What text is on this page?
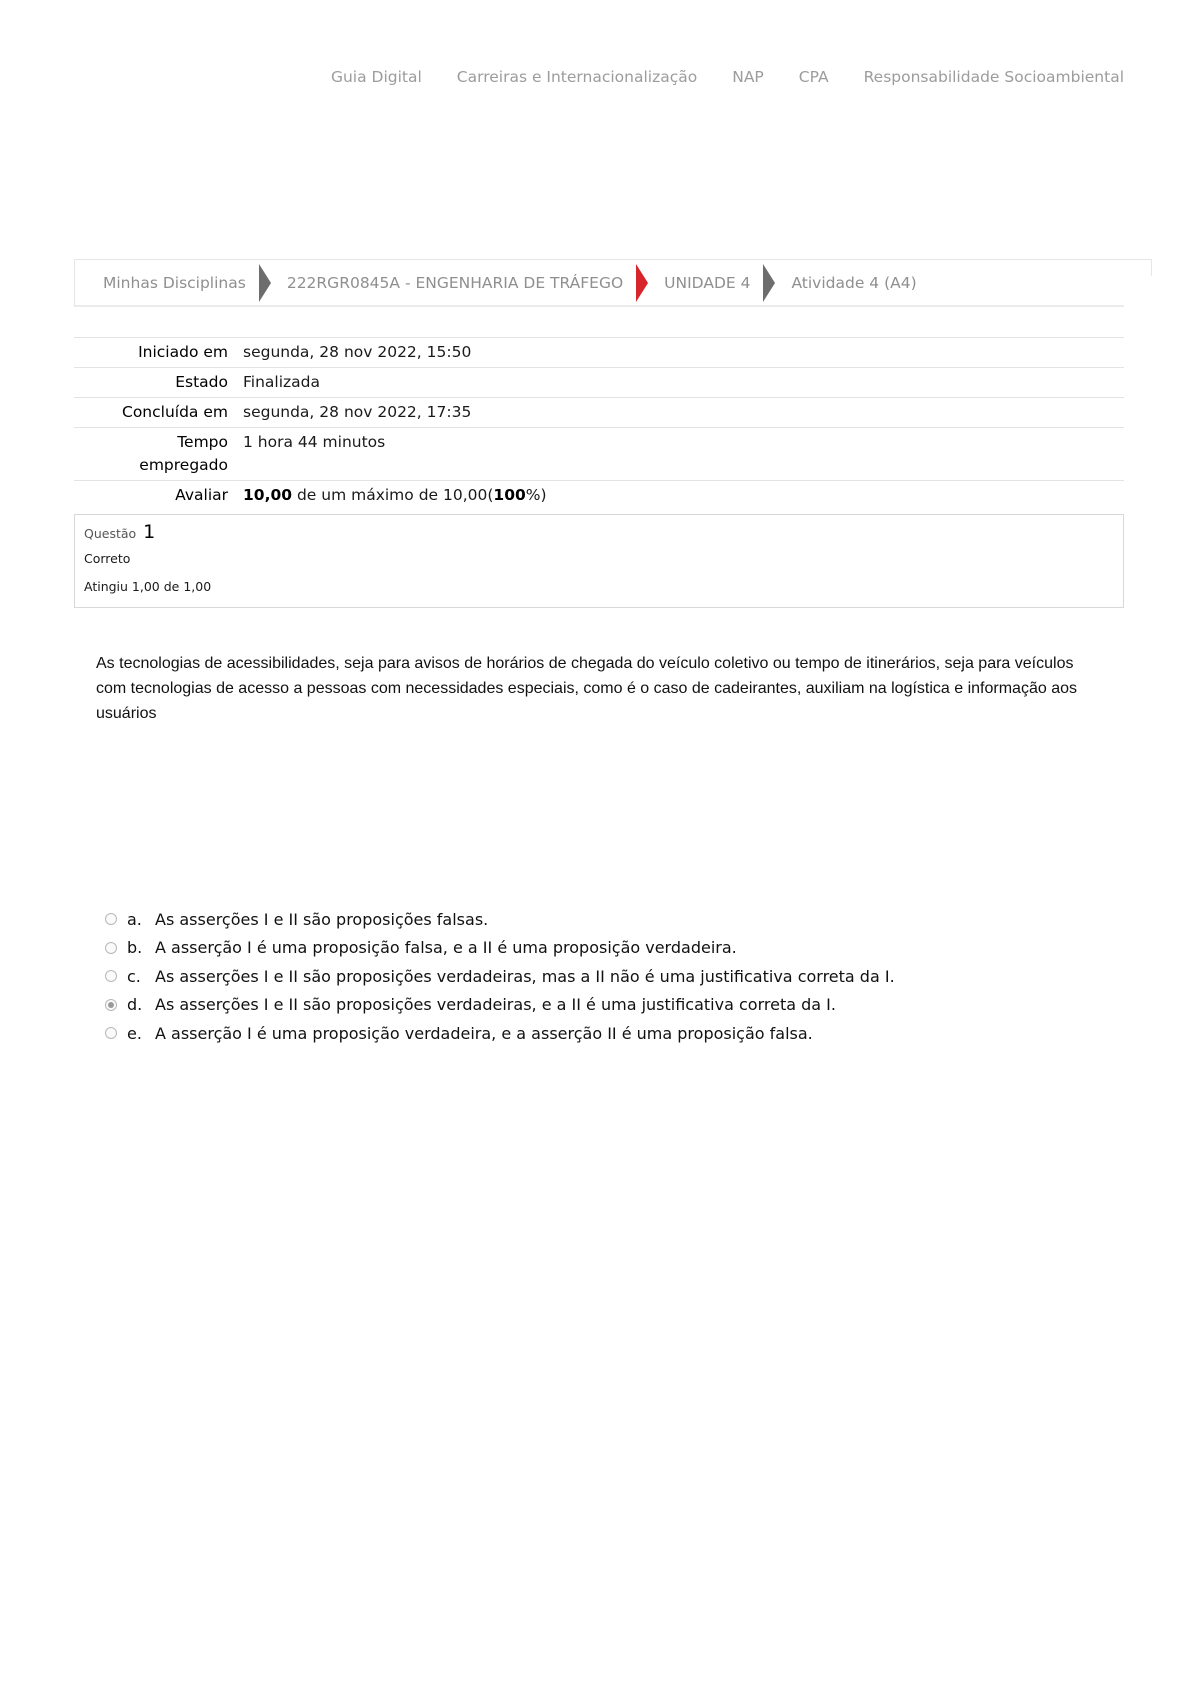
Guia Digital Carreiras e Internacionalização NAP CPA Responsabilidade Socioambiental
Minhas Disciplinas	222RGR0845A - ENGENHARIA DE TRÁFEGO	UNIDADE 4	Atividade 4 (A4)
Iniciado em	segunda, 28 nov 2022, 15:50
Estado	Finalizada
Concluída em	segunda, 28 nov 2022, 17:35
Tempo
empregado	1 hora 44 minutos
Avaliar	10,00 de um máximo de 10,00(100%)
Questão 1
Correto
Atingiu 1,00 de 1,00
As tecnologias de acessibilidades, seja para avisos de horários de chegada do veículo coletivo ou tempo de itinerários, seja para veículos
com tecnologias de acesso a pessoas com necessidades especiais, como é o caso de cadeirantes, auxiliam na logística e informação aos
usuários
a. As asserções I e II são proposições falsas.
b. A asserção I é uma proposição falsa, e a II é uma proposição verdadeira.
c. As asserções I e II são proposições verdadeiras, mas a II não é uma justificativa correta da I.
d. As asserções I e II são proposições verdadeiras, e a II é uma justificativa correta da I.
e. A asserção I é uma proposição verdadeira, e a asserção II é uma proposição falsa.
